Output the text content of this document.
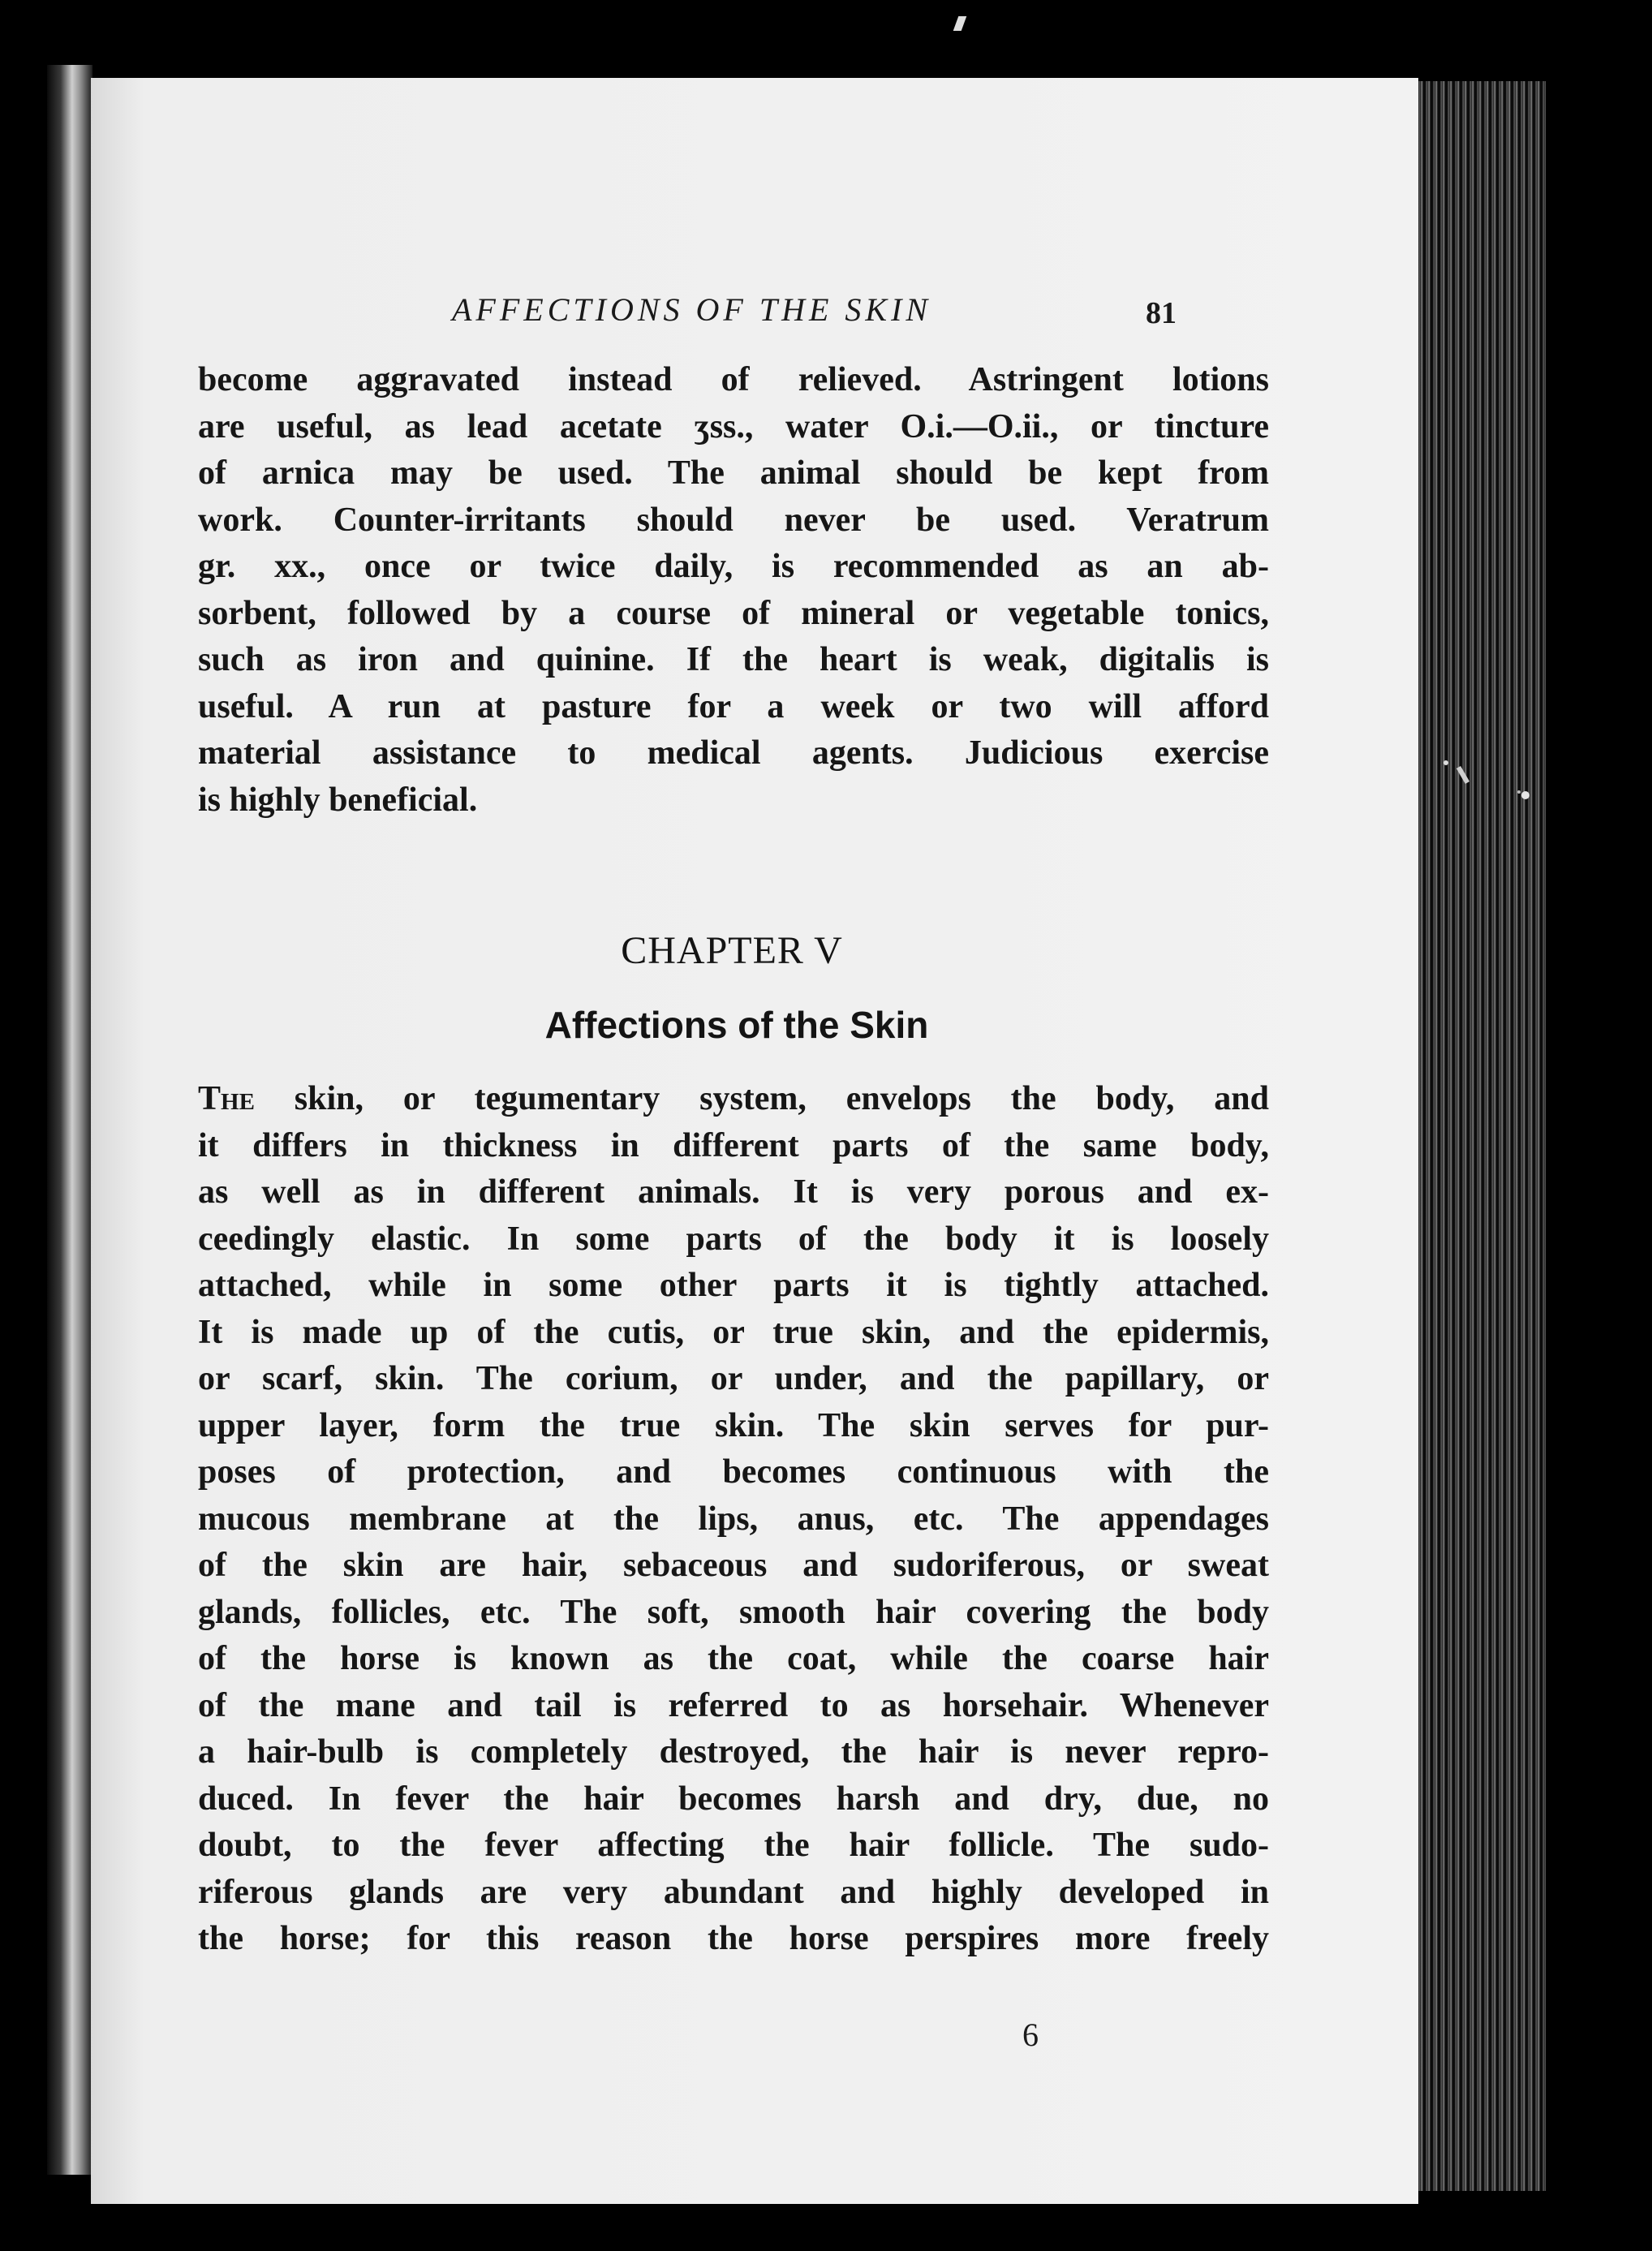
AFFECTIONS OF THE SKIN	81
become aggravated instead of relieved. Astringent lotions
are useful, as lead acetate ʒss., water O.i.—O.ii., or tincture
of arnica may be used. The animal should be kept from
work. Counter-irritants should never be used. Veratrum
gr. xx., once or twice daily, is recommended as an ab-
sorbent, followed by a course of mineral or vegetable tonics,
such as iron and quinine. If the heart is weak, digitalis is
useful. A run at pasture for a week or two will afford
material assistance to medical agents. Judicious exercise
is highly beneficial.
CHAPTER V
Affections of the Skin
The skin, or tegumentary system, envelops the body, and
it differs in thickness in different parts of the same body,
as well as in different animals. It is very porous and ex-
ceedingly elastic. In some parts of the body it is loosely
attached, while in some other parts it is tightly attached.
It is made up of the cutis, or true skin, and the epidermis,
or scarf, skin. The corium, or under, and the papillary, or
upper layer, form the true skin. The skin serves for pur-
poses of protection, and becomes continuous with the
mucous membrane at the lips, anus, etc. The appendages
of the skin are hair, sebaceous and sudoriferous, or sweat
glands, follicles, etc. The soft, smooth hair covering the body
of the horse is known as the coat, while the coarse hair
of the mane and tail is referred to as horsehair. Whenever
a hair-bulb is completely destroyed, the hair is never repro-
duced. In fever the hair becomes harsh and dry, due, no
doubt, to the fever affecting the hair follicle. The sudo-
riferous glands are very abundant and highly developed in
the horse; for this reason the horse perspires more freely
6
